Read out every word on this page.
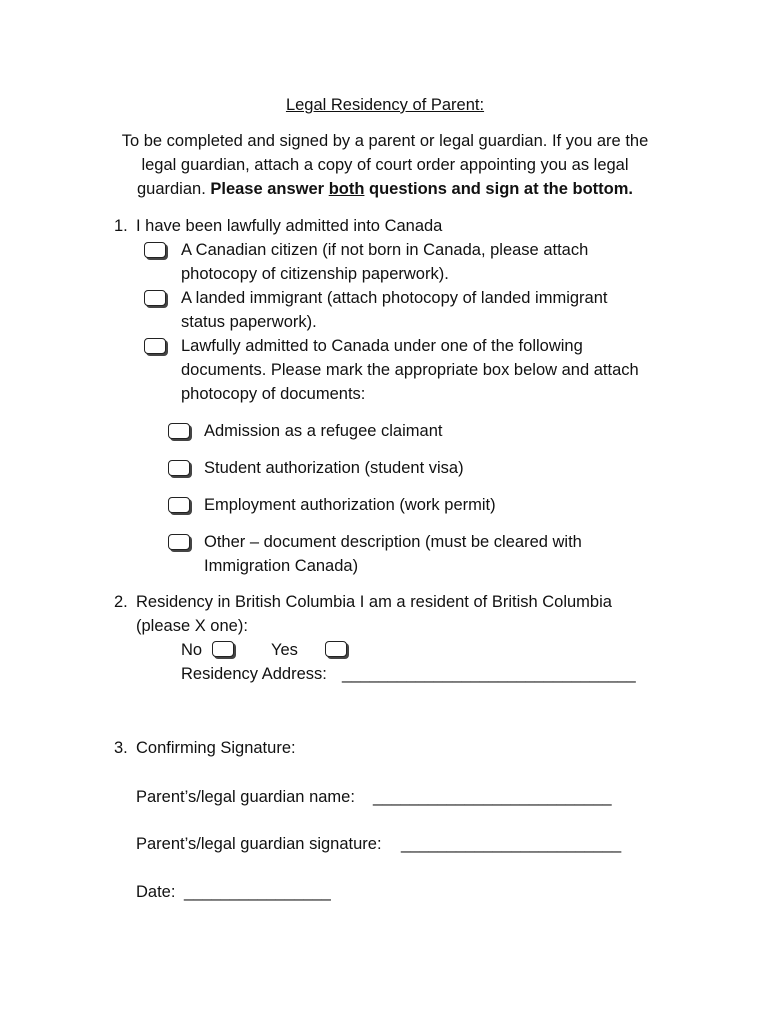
Legal Residency of Parent:
To be completed and signed by a parent or legal guardian. If you are the
legal guardian, attach a copy of court order appointing you as legal
guardian. Please answer both questions and sign at the bottom.
1. I have been lawfully admitted into Canada
A Canadian citizen (if not born in Canada, please attach
photocopy of citizenship paperwork).
A landed immigrant (attach photocopy of landed immigrant
status paperwork).
Lawfully admitted to Canada under one of the following
documents. Please mark the appropriate box below and attach
photocopy of documents:
Admission as a refugee claimant
Student authorization (student visa)
Employment authorization (work permit)
Other – document description (must be cleared with
Immigration Canada)
2. Residency in British Columbia I am a resident of British Columbia
(please X one):
No	Yes
Residency Address: ________________________________
3. Confirming Signature:
Parent’s/legal guardian name: __________________________
Parent’s/legal guardian signature: ________________________
Date: ________________
